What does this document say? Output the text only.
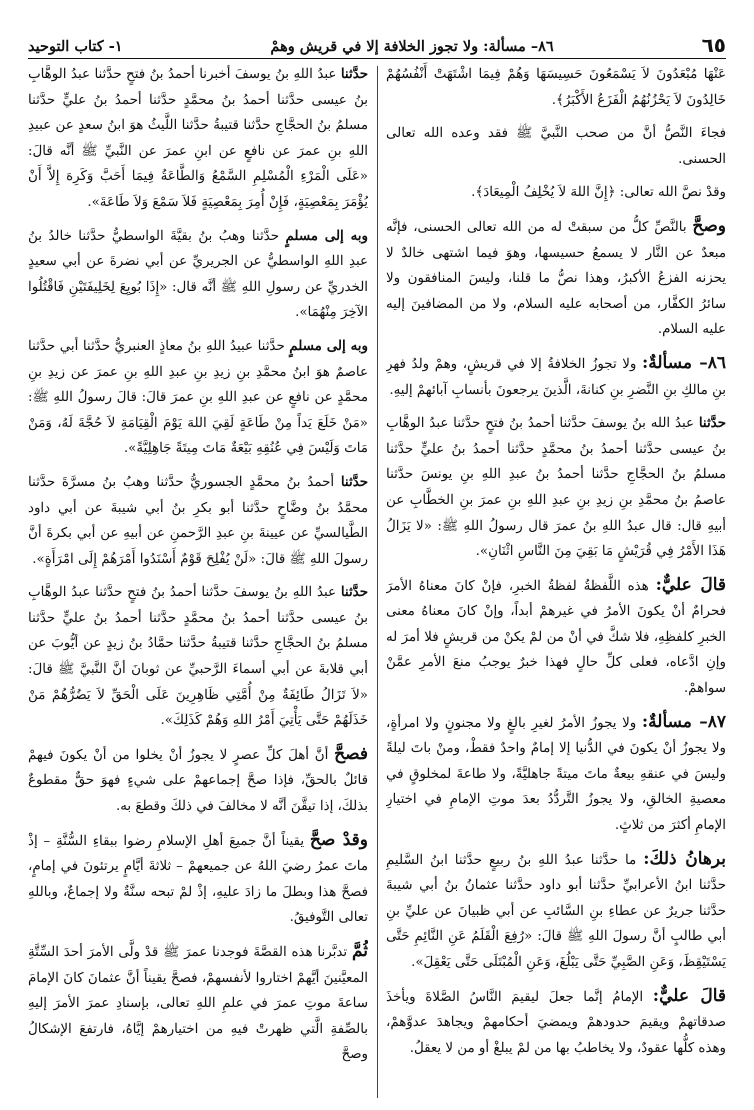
٦٥
٨٦– مسألة: ولا تجوز الخلافة إلا في قريش وهمْ
١- كتاب التوحيد

عَنْهَا مُبْعَدُونَ لاَ يَسْمَعُونَ حَسِيسَهَا وَهُمْ فِيمَا اشْتَهَتْ أَنْفُسُهُمْ خَالِدُونَ لاَ يَحْزُنُهُمُ الْفَزَعُ الأَكْبَرُ﴾.

فجاءَ النَّصُّ أنَّ من صحب النَّبيَّ ﷺ فقد وعده الله تعالى الحسنى.

وقدْ نصَّ الله تعالى: ﴿إِنَّ اللهَ لاَ يُخْلِفُ الْمِيعَادَ﴾.

وصحَّ بالنَّصِّ كلُّ من سبقتْ له من الله تعالى الحسنى، فإنَّه مبعدٌ عن النَّار لا يسمعُ حسيسها، وهوَ فيما اشتهى خالدٌ لا يحزنه الفزعُ الأكبرُ، وهذا نصُّ ما قلنا، وليسَ المنافقون ولا سائرُ الكفَّار، من أصحابه عليه السلام، ولا من المضافينَ إليه عليه السلام.

٨٦– مسألةٌ: ولا تجوزُ الخلافةُ إلا في قريشٍ، وهمْ ولدُ فهرِ بنِ مالكِ بنِ النَّضرِ بنِ كنانةَ، الَّذينَ يرجعونَ بأنسابِ آبائهمْ إليهِ.

حدَّثنا عبدُ الله بنُ يوسفَ حدَّثنا أحمدُ بنُ فتحٍ حدَّثنا عبدُ الوهَّابِ بنُ عيسى حدَّثنا أحمدُ بنُ محمَّدٍ حدَّثنا أحمدُ بنُ عليٍّ حدَّثنا مسلمُ بنُ الحجَّاجِ حدَّثنا أحمدُ بنُ عبدِ اللهِ بنِ يونسَ حدَّثنا عاصمُ بنُ محمَّدِ بنِ زيدِ بنِ عبدِ اللهِ بنِ عمرَ بنِ الخطَّابِ عن أبيهِ قال: قال عبدُ اللهِ بنُ عمرَ قال رسولُ اللهِ ﷺ: «لا يَزَالُ هَذَا الأَمْرُ فِي قُرَيْشٍ مَا بَقِيَ مِنَ النَّاسِ اثْنَانِ».

قالَ عليٌّ: هذه اللَّفظةُ لفظةُ الخبرِ، فإنْ كانَ معناهُ الأمرَ فحرامٌ أنْ يكونَ الأمرُ في غيرهمْ أبداً، وإنْ كانَ معناهُ معنى الخبرِ كلفظِهِ، فلا شكَّ في أنْ من لمْ يكنْ من قريشٍ فلا أمرَ له وإنِ ادَّعاه، فعلى كلِّ حالٍ فهذا خبرٌ يوجبُ منعَ الأمرِ عمَّنْ سواهمْ.

٨٧– مسألةٌ: ولا يجوزُ الأمرُ لغيرِ بالغٍ ولا مجنونٍ ولا امرأةٍ، ولا يجوزُ أنْ يكونَ في الدُّنيا إلا إمامٌ واحدٌ فقطْ، ومنْ باتَ ليلةً وليسَ في عنقهِ بيعةٌ ماتَ ميتةً جاهليَّةً، ولا طاعةَ لمخلوقٍ في معصيةِ الخالقِ، ولا يجوزُ التَّردُّدُ بعدَ موتِ الإمامِ في اختيارِ الإمامِ أكثرَ من ثلاثٍ.

برهانُ ذلكَ: ما حدَّثنا عبدُ اللهِ بنُ ربيعٍ حدَّثنا ابنُ السَّليمِ حدَّثنا ابنُ الأعرابيِّ حدَّثنا أبو داود حدَّثنا عثمانُ بنُ أبي شيبةَ حدَّثنا جريرٌ عن عطاءِ بنِ السَّائبِ عن أبي ظبيانَ عن عليِّ بنِ أبي طالبٍ أنَّ رسولَ اللهِ ﷺ قالَ: «رُفِعَ الْقَلَمُ عَنِ النَّائِمِ حَتَّى يَسْتَيْقِظَ، وَعَنِ الصَّبِيِّ حَتَّى يَبْلُغَ، وَعَنِ الْمُبْتَلَى حَتَّى يَعْقِلَ».

قالَ عليٌّ: الإمامُ إنَّما جعلَ ليقيمَ النَّاسُ الصَّلاةَ ويأخذَ صدقاتهمْ ويقيمَ حدودهمْ ويمضيَ أحكامهمْ ويجاهدَ عدوَّهمْ، وهذه كلُّها عقودٌ، ولا يخاطبُ بها من لمْ يبلغْ أو من لا يعقلُ.

حدَّثنا عبدُ اللهِ بنُ يوسفَ أخبرنا أحمدُ بنُ فتحٍ حدَّثنا عبدُ الوهَّابِ بنُ عيسى حدَّثنا أحمدُ بنُ محمَّدٍ حدَّثنا أحمدُ بنُ عليٍّ حدَّثنا مسلمُ بنُ الحجَّاجِ حدَّثنا قتيبةُ حدَّثنا اللَّيثُ هوَ ابنُ سعدٍ عن عبيدِ اللهِ بنِ عمرَ عن نافعٍ عن ابنِ عمرَ عن النَّبيِّ ﷺ أنَّه قالَ: «عَلَى الْمَرْءِ الْمُسْلِمِ السَّمْعُ وَالطَّاعَةُ فِيمَا أَحَبَّ وَكَرِهَ إِلاَّ أَنْ يُؤْمَرَ بِمَعْصِيَةٍ، فَإِنْ أُمِرَ بِمَعْصِيَةٍ فَلاَ سَمْعَ وَلاَ طَاعَةَ».

وبه إلى مسلمٍ حدَّثنا وهبُ بنُ بقيَّةَ الواسطيُّ حدَّثنا خالدُ بنُ عبدِ اللهِ الواسطيُّ عن الجريريِّ عن أبي نضرةَ عن أبي سعيدٍ الخدريِّ عن رسولِ اللهِ ﷺ أنَّه قال: «إِذَا بُويِعَ لِخَلِيفَتَيْنِ فَاقْتُلُوا الآخِرَ مِنْهُمَا».

وبه إلى مسلمٍ حدَّثنا عبيدُ اللهِ بنُ معاذٍ العنبريُّ حدَّثنا أبي حدَّثنا عاصمٌ هوَ ابنُ محمَّدِ بنِ زيدِ بنِ عبدِ اللهِ بنِ عمرَ عن زيدِ بنِ محمَّدٍ عن نافعٍ عن عبدِ اللهِ بنِ عمرَ قالَ: قالَ رسولُ اللهِ ﷺ: «مَنْ خَلَعَ يَداً مِنْ طَاعَةٍ لَقِيَ اللهَ يَوْمَ الْقِيَامَةِ لاَ حُجَّةَ لَهُ، وَمَنْ مَاتَ وَلَيْسَ فِي عُنُقِهِ بَيْعَةٌ مَاتَ مِيتَةً جَاهِلِيَّةً».

حدَّثنا أحمدُ بنُ محمَّدٍ الجسوريُّ حدَّثنا وهبُ بنُ مسرَّةَ حدَّثنا محمَّدُ بنُ وضَّاحٍ حدَّثنا أبو بكرِ بنُ أبي شيبةَ عن أبي داود الطَّيالسيِّ عن عيينةَ بنِ عبدِ الرَّحمنِ عن أبيهِ عن أبي بكرةَ أنَّ رسولَ اللهِ ﷺ قالَ: «لَنْ يُفْلِحَ قَوْمٌ أَسْنَدُوا أَمْرَهُمْ إِلَى امْرَأَةٍ».

حدَّثنا عبدُ اللهِ بنُ يوسفَ حدَّثنا أحمدُ بنُ فتحٍ حدَّثنا عبدُ الوهَّابِ بنُ عيسى حدَّثنا أحمدُ بنُ محمَّدٍ حدَّثنا أحمدُ بنُ عليٍّ حدَّثنا مسلمُ بنُ الحجَّاجِ حدَّثنا قتيبةُ حدَّثنا حمَّادُ بنُ زيدٍ عن أيُّوبَ عن أبي قلابةَ عن أبي أسماءَ الرَّحبيِّ عن ثوبانَ أنَّ النَّبيَّ ﷺ قالَ: «لاَ تَزَالُ طَائِفَةٌ مِنْ أُمَّتِي ظَاهِرِينَ عَلَى الْحَقِّ لاَ يَضُرُّهُمْ مَنْ خَذَلَهُمْ حَتَّى يَأْتِيَ أَمْرُ اللهِ وَهُمْ كَذَلِكَ».

فصحَّ أنَّ أهلَ كلِّ عصرٍ لا يجوزُ أنْ يخلوا من أنْ يكونَ فيهمْ قائلٌ بالحقِّ، فإذا صحَّ إجماعهمْ على شيءٍ فهوَ حقٌّ مقطوعٌ بذلكَ، إذا تيقَّنَ أنَّه لا مخالفَ في ذلكَ وقطعَ به.

وقدْ صحَّ يقيناً أنَّ جميعَ أهلِ الإسلامِ رضوا ببقاءِ السُّنَّةِ – إذْ ماتَ عمرُ رضيَ اللهُ عن جميعهمْ – ثلاثةَ أيَّامٍ يرتئونَ في إمامٍ، فصحَّ هذا وبطلَ ما زادَ عليهِ، إذْ لمْ تبحه سنَّةٌ ولا إجماعٌ، وباللهِ تعالى التَّوفيقُ.

ثُمَّ تدبَّرنا هذه القصَّةَ فوجدنا عمرَ ﷺ قدْ ولَّى الأمرَ أحدَ السِّتَّةِ المعيَّنينَ أيَّهمْ اختاروا لأنفسهمْ، فصحَّ يقيناً أنَّ عثمانَ كانَ الإمامَ ساعةَ موتِ عمرَ في علمِ اللهِ تعالى، بإسنادِ عمرَ الأمرَ إليهِ بالصِّفةِ الَّتي ظهرتْ فيهِ من اختيارهمْ إيَّاهُ، فارتفعَ الإشكالُ وصحَّ
